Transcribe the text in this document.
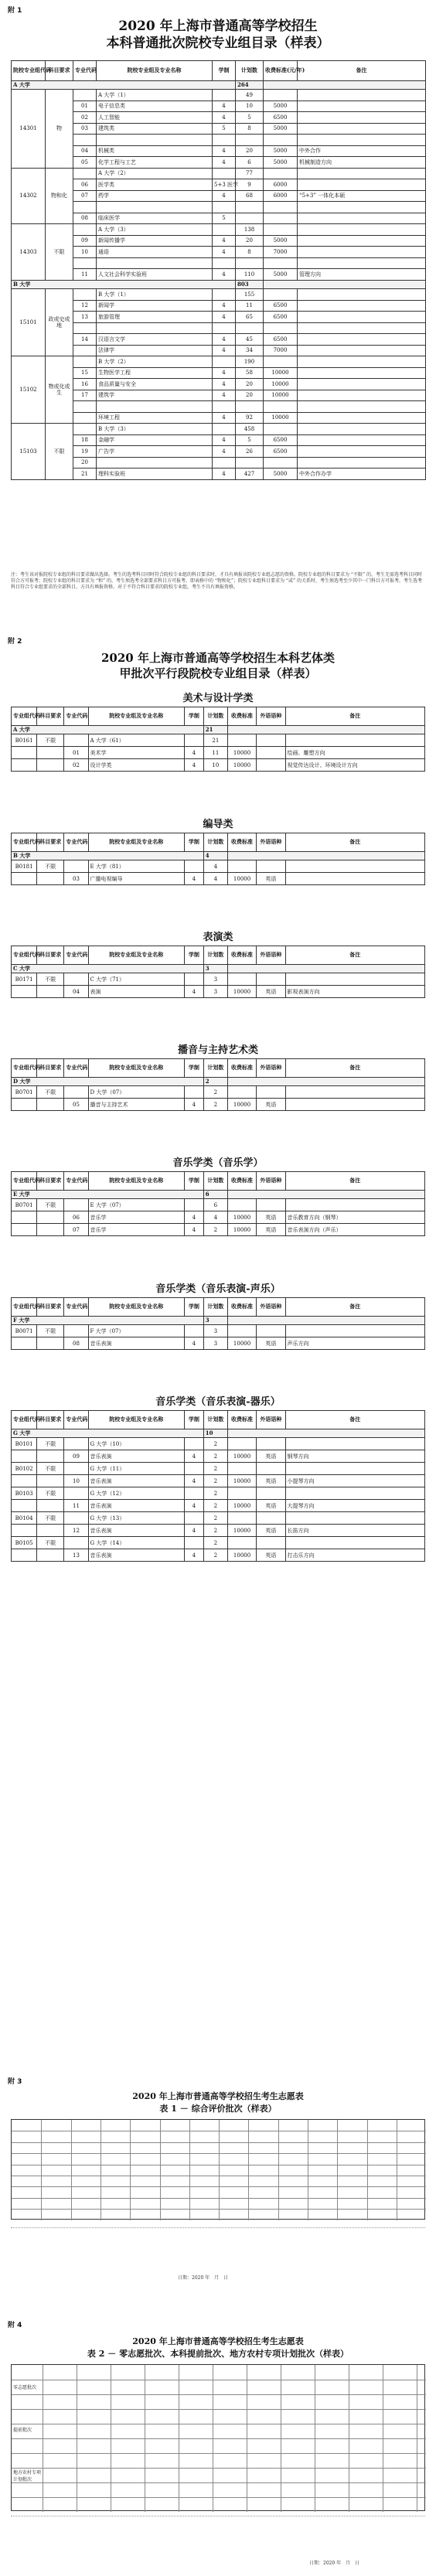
附 1
2020 年上海市普通高等学校招生
本科普通批次院校专业组目录（样表）
院校专业组代码	科目要求	专业代码	院校专业组及专业名称	学制	计划数	收费标准(元/年)	备注
A 大学					264		
14301	物		A 大学（1）		49		
		01	电子信息类	4	10	5000	
		02	人工智能	4	5	6500	
		03	建筑类	5	8	5000	

		04	机械类	4	20	5000	中外合作
		05	化学工程与工艺	4	6	5000	机械制造方向
14302	物和化		A 大学（2）		77		
		06	医学类	5+3 医学	9	6000	
		07	药学	4	68	6000	“5+3” 一体化本硕

		08	临床医学	5			
14303	不限		A 大学（3）		138		
		09	新闻传播学	4	20	5000	
		10	通语	4	8	7000	

		11	人文社会科学实验班	4	110	5000	管理方向
B 大学					803		
15101	政或史或地		B 大学（1）		155		
		12	新闻学	4	11	6500	
		13	旅游管理	4	65	6500	

		14	汉语言文学	4	45	6500	
			法律学	4	34	7000	
15102	物或化或生		B 大学（2）		190		
		15	生物医学工程	4	58	10000	
		16	食品质量与安全	4	20	10000	
		17	建筑学	4	20	10000	

			环境工程	4	92	10000	
15103	不限		B 大学（3）		458		
		18	金融学	4	5	6500	
		19	广告学	4	26	6500	
		20					
		21	理科实验班	4	427	5000	中外合作办学
注：考生该对报院校专业组的科目要求做出选择。考生的选考科目同时符合院校专业组的科目要求时，才具有填报该院校专业组志愿的资格。院校专业组的科目要求为 “不限” 的，考生无需选考科目同时符合方可报考；院校专业组的科目要求为 “和” 的，考生须选考全部要求科目方可报考，即表格中的 “物和化”；院校专业组科目要求为 “或” 的关系时，考生须选考至少其中一门科目方可报考。考生选考科目符合专业组要求的全部科目，方具有填报资格。对于不符合科目要求的院校专业组，考生不具有填报资格。
附 2
2020 年上海市普通高等学校招生本科艺体类
甲批次平行段院校专业组目录（样表）
美术与设计学类
专业组代码	科目要求	专业代码	院校专业组及专业名称	学制	计划数	收费标准	外语语种	备注
A 大学					21			
B0161	不限		A 大学（61）		21			
		01	美术学	4	11	10000		绘画、雕塑方向
		02	设计学类	4	10	10000		视觉传达设计、环境设计方向
编导类
专业组代码	科目要求	专业代码	院校专业组及专业名称	学制	计划数	收费标准	外语语种	备注
B 大学					4			
B0181	不限		E 大学（81）		4			
		03	广播电视编导	4	4	10000	英语	
表演类
专业组代码	科目要求	专业代码	院校专业组及专业名称	学制	计划数	收费标准	外语语种	备注
C 大学					3			
B0171	不限		C 大学（71）		3			
		04	表演	4	3	10000	英语	影视表演方向
播音与主持艺术类
专业组代码	科目要求	专业代码	院校专业组及专业名称	学制	计划数	收费标准	外语语种	备注
D 大学					2			
B0701	不限		D 大学（07）		2			
		05	播音与主持艺术	4	2	10000	英语	
音乐学类（音乐学）
专业组代码	科目要求	专业代码	院校专业组及专业名称	学制	计划数	收费标准	外语语种	备注
E 大学					6			
B0701	不限		E 大学（07）		6			
		06	音乐学	4	4	10000	英语	音乐教育方向（钢琴）
		07	音乐学	4	2	10000	英语	音乐表演方向（声乐）
音乐学类（音乐表演-声乐）
专业组代码	科目要求	专业代码	院校专业组及专业名称	学制	计划数	收费标准	外语语种	备注
F 大学					3			
B0071	不限		F 大学（07）		3			
		08	音乐表演	4	3	10000	英语	声乐方向
音乐学类（音乐表演-器乐）
专业组代码	科目要求	专业代码	院校专业组及专业名称	学制	计划数	收费标准	外语语种	备注
G 大学					10			
B0101	不限		G 大学（10）		2			
		09	音乐表演	4	2	10000	英语	钢琴方向
B0102	不限		G 大学（11）		2			
		10	音乐表演	4	2	10000	英语	小提琴方向
B0103	不限		G 大学（12）		2			
		11	音乐表演	4	2	10000	英语	大提琴方向
B0104	不限		G 大学（13）		2			
		12	音乐表演	4	2	10000	英语	长笛方向
B0105	不限		G 大学（14）		2			
		13	音乐表演	4	2	10000	英语	打击乐方向
附 3
2020 年上海市普通高等学校招生考生志愿表
表 1 － 综合评价批次（样表）
日期：2020 年　月　日
附 4
2020 年上海市普通高等学校招生考生志愿表
表 2 － 零志愿批次、本科提前批次、地方农村专项计划批次（样表）
零志愿批次
提前批次
地方农村专项计划批次
日期：2020 年　月　日
